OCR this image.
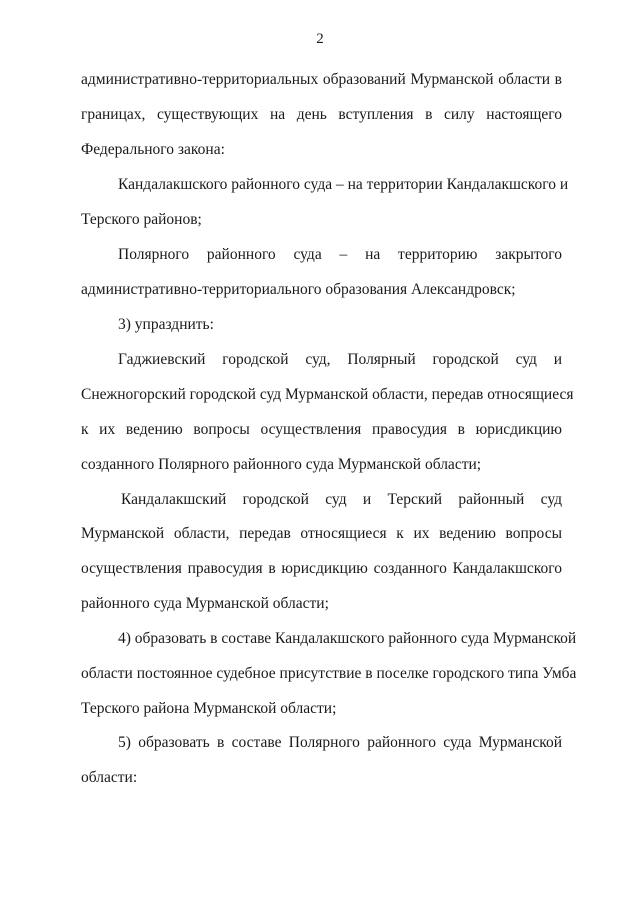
2
административно-территориальных образований Мурманской области в
границах, существующих на день вступления в силу настоящего
Федерального закона:
Кандалакшского районного суда – на территории Кандалакшского и
Терского районов;
Полярного районного суда – на территорию закрытого
административно-территориального образования Александровск;
3) упразднить:
Гаджиевский городской суд, Полярный городской суд и
Снежногорский городской суд Мурманской области, передав относящиеся
к их ведению вопросы осуществления правосудия в юрисдикцию
созданного Полярного районного суда Мурманской области;
Кандалакшский городской суд и Терский районный суд
Мурманской области, передав относящиеся к их ведению вопросы
осуществления правосудия в юрисдикцию созданного Кандалакшского
районного суда Мурманской области;
4) образовать в составе Кандалакшского районного суда Мурманской
области постоянное судебное присутствие в поселке городского типа Умба
Терского района Мурманской области;
5) образовать в составе Полярного районного суда Мурманской
области:
